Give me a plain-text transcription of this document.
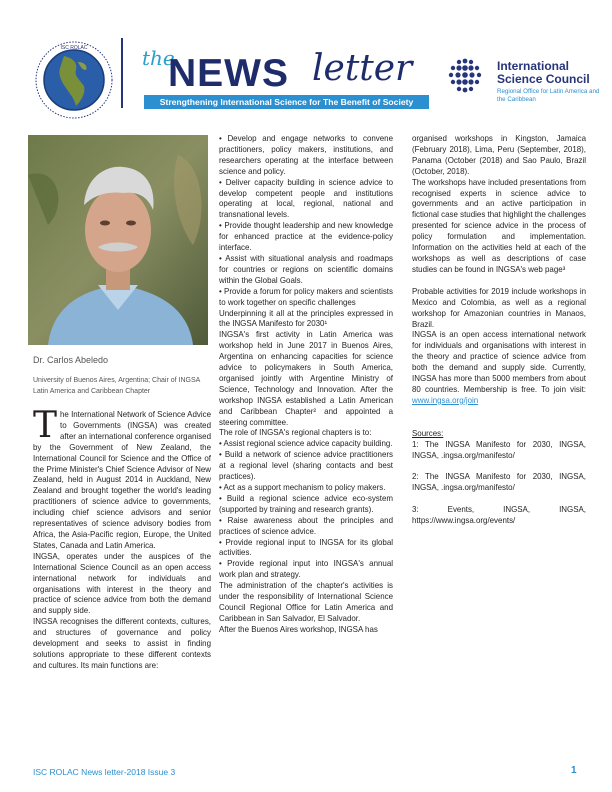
ISC ROLAC	the
NEWS letter
Strengthening International Science for The Benefit of Society
International Science Council
Regional Office for Latin America and the Caribbean
Dr. Carlos Abeledo
University of Buenos Aires, Argentina; Chair of INGSA Latin America and Caribbean Chapter

The International Network of Science Advice to Governments (INGSA) was created after an international conference organised by the Government of New Zealand, the International Council for Science and the Office of the Prime Minister's Chief Science Advisor of New Zealand, held in August 2014 in Auckland, New Zealand and brought together the world's leading practitioners of science advice to governments, including chief science advisors and senior representatives of science advisory bodies from Africa, the Asia-Pacific region, Europe, the United States, Canada and Latin America.

INGSA, operates under the auspices of the International Science Council as an open access international network for individuals and organisations with interest in the theory and practice of science advice from both the demand and supply side.

INGSA recognises the different contexts, cultures, and structures of governance and policy development and seeks to assist in finding solutions appropriate to these different contexts and cultures. Its main functions are:

• Develop and engage networks to convene practitioners, policy makers, institutions, and researchers operating at the interface between science and policy.

• Deliver capacity building in science advice to develop competent people and institutions operating at local, regional, national and transnational levels.

• Provide thought leadership and new knowledge for enhanced practice at the evidence-policy interface.

• Assist with situational analysis and roadmaps for countries or regions on scientific domains within the Global Goals.

• Provide a forum for policy makers and scientists to work together on specific challenges

Underpinning it all at the principles expressed in the INGSA Manifesto for 2030¹

INGSA's first activity in Latin America was workshop held in June 2017 in Buenos Aires, Argentina on enhancing capacities for science advice to policymakers in South America, organised jointly with Argentine Ministry of Science, Technology and Innovation. After the workshop INGSA established a Latin American and Caribbean Chapter² and appointed a steering committee.

The role of INGSA's regional chapters is to:

• Assist regional science advice capacity building.

• Build a network of science advice practitioners at a regional level (sharing contacts and best practices).

• Act as a support mechanism to policy makers.

• Build a regional science advice eco-system (supported by training and research grants).

• Raise awareness about the principles and practices of science advice.

• Provide regional input to INGSA for its global activities.

• Provide regional input into INGSA's annual work plan and strategy.

The administration of the chapter's activities is under the responsibility of International Science Council Regional Office for Latin America and Caribbean in San Salvador, El Salvador.

After the Buenos Aires workshop, INGSA has

organised workshops in Kingston, Jamaica (February 2018), Lima, Peru (September, 2018), Panama (October (2018) and Sao Paulo, Brazil (October, 2018).

The workshops have included presentations from recognised experts in science advice to governments and an active participation in fictional case studies that highlight the challenges presented for science advice in the process of policy formulation and implementation. Information on the activities held at each of the workshops as well as descriptions of case studies can be found in INGSA's web page³

Probable activities for 2019 include workshops in Mexico and Colombia, as well as a regional workshop for Amazonian countries in Manaos, Brazil.

INGSA is an open access international network for individuals and organisations with interest in the theory and practice of science advice from both the demand and supply side. Currently, INGSA has more than 5000 members from about 80 countries. Membership is free. To join visit: www.ingsa.org/join

Sources:

1: The INGSA Manifesto for 2030, INGSA, INGSA, .ingsa.org/manifesto/

2: The INGSA Manifesto for 2030, INGSA, INGSA, .ingsa.org/manifesto/

3: Events, INGSA, INGSA, https://www.ingsa.org/events/

ISC ROLAC News letter-2018 Issue 3	1
